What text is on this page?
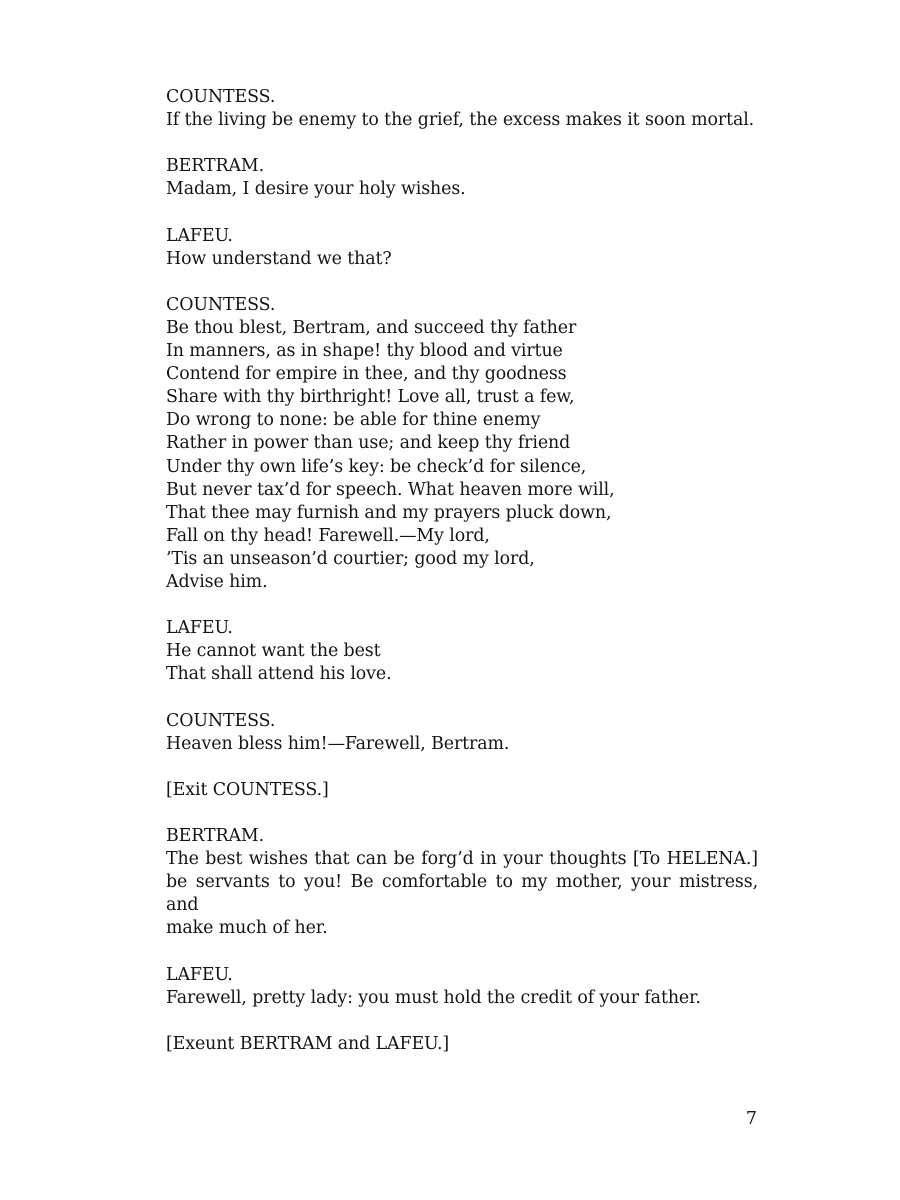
COUNTESS.
If the living be enemy to the grief, the excess makes it soon mortal.
BERTRAM.
Madam, I desire your holy wishes.
LAFEU.
How understand we that?
COUNTESS.
Be thou blest, Bertram, and succeed thy father
In manners, as in shape! thy blood and virtue
Contend for empire in thee, and thy goodness
Share with thy birthright! Love all, trust a few,
Do wrong to none: be able for thine enemy
Rather in power than use; and keep thy friend
Under thy own life’s key: be check’d for silence,
But never tax’d for speech. What heaven more will,
That thee may furnish and my prayers pluck down,
Fall on thy head! Farewell.—My lord,
’Tis an unseason’d courtier; good my lord,
Advise him.
LAFEU.
He cannot want the best
That shall attend his love.
COUNTESS.
Heaven bless him!—Farewell, Bertram.
[Exit COUNTESS.]
BERTRAM.
The best wishes that can be forg’d in your thoughts [To HELENA.]
be servants to you! Be comfortable to my mother, your mistress, and
make much of her.
LAFEU.
Farewell, pretty lady: you must hold the credit of your father.
[Exeunt BERTRAM and LAFEU.]
7
